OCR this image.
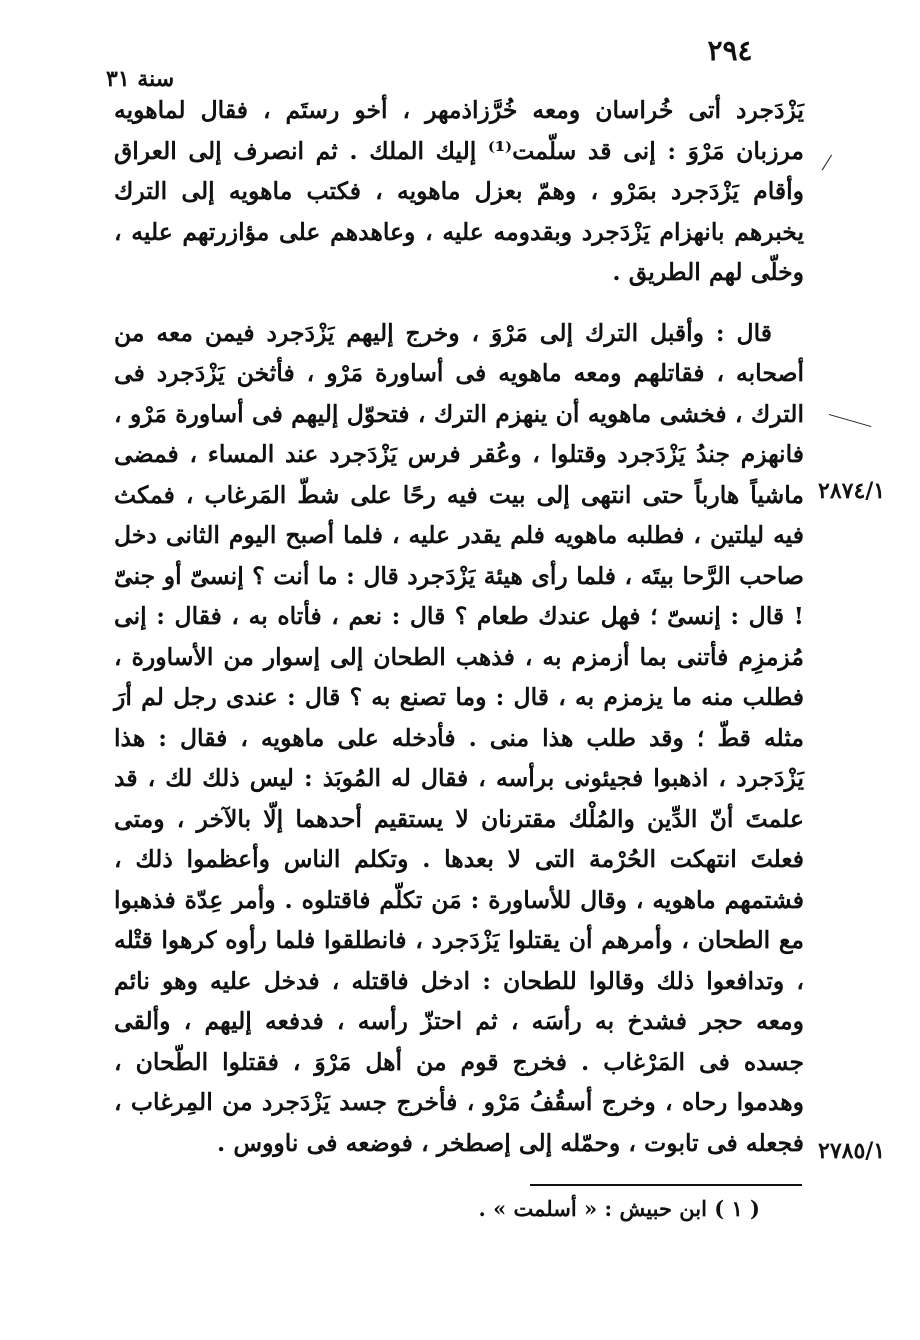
٢٩٤
سنة ٣١

يَزْدَجرد أتى خُراسان ومعه خُرَّزاذمهر ، أخو رستَم ، فقال لماهويه مرزبان مَرْوَ : إنى قد سلّمت⁽¹⁾ إليك الملك . ثم انصرف إلى العراق وأقام يَزْدَجرد بمَرْو ، وهمّ بعزل ماهويه ، فكتب ماهويه إلى الترك يخبرهم بانهزام يَزْدَجرد وبقدومه عليه ، وعاهدهم على مؤازرتهم عليه ، وخلّى لهم الطريق .

قال : وأقبل الترك إلى مَرْوَ ، وخرج إليهم يَزْدَجرد فيمن معه من أصحابه ، فقاتلهم ومعه ماهويه فى أساورة مَرْو ، فأثخن يَزْدَجرد فى الترك ، فخشى ماهويه أن ينهزم الترك ، فتحوّل إليهم فى أساورة مَرْو ، فانهزم جندُ يَزْدَجرد وقتلوا ، وعُقر فرس يَزْدَجرد عند المساء ، فمضى ماشياً هارباً حتى انتهى إلى بيت فيه رحًا على شطّ المَرغاب ، فمكث فيه ليلتين ، فطلبه ماهويه فلم يقدر عليه ، فلما أصبح اليوم الثانى دخل صاحب الرَّحا بيتَه ، فلما رأى هيئة يَزْدَجرد قال : ما أنت ؟ إنسىّ أو جنىّ ! قال : إنسىّ ؛ فهل عندك طعام ؟ قال : نعم ، فأتاه به ، فقال : إنى مُزمزِم فأتنى بما أزمزم به ، فذهب الطحان إلى إسوار من الأساورة ، فطلب منه ما يزمزم به ، قال : وما تصنع به ؟ قال : عندى رجل لم أرَ مثله قطّ ؛ وقد طلب هذا منى . فأدخله على ماهويه ، فقال : هذا يَزْدَجرد ، اذهبوا فجيئونى برأسه ، فقال له المُوبَذ : ليس ذلك لك ، قد علمتَ أنّ الدِّين والمُلْك مقترنان لا يستقيم أحدهما إلّا بالآخر ، ومتى فعلتَ انتهكت الحُرْمة التى لا بعدها . وتكلم الناس وأعظموا ذلك ، فشتمهم ماهويه ، وقال للأساورة : مَن تكلّم فاقتلوه . وأمر عِدّة فذهبوا مع الطحان ، وأمرهم أن يقتلوا يَزْدَجرد ، فانطلقوا فلما رأوه كرهوا قتْله ، وتدافعوا ذلك وقالوا للطحان : ادخل فاقتله ، فدخل عليه وهو نائم ومعه حجر فشدخ به رأسَه ، ثم احتزّ رأسه ، فدفعه إليهم ، وألقى جسده فى المَرْغاب . فخرج قوم من أهل مَرْوَ ، فقتلوا الطّحان ، وهدموا رحاه ، وخرج أسقُفُ مَرْو ، فأخرج جسد يَزْدَجرد من المِرغاب ، فجعله فى تابوت ، وحمّله إلى إصطخر ، فوضعه فى ناووس .

٢٨٧٤/١
٢٧٨٥/١
( ١ ) ابن حبيش : « أسلمت » .
